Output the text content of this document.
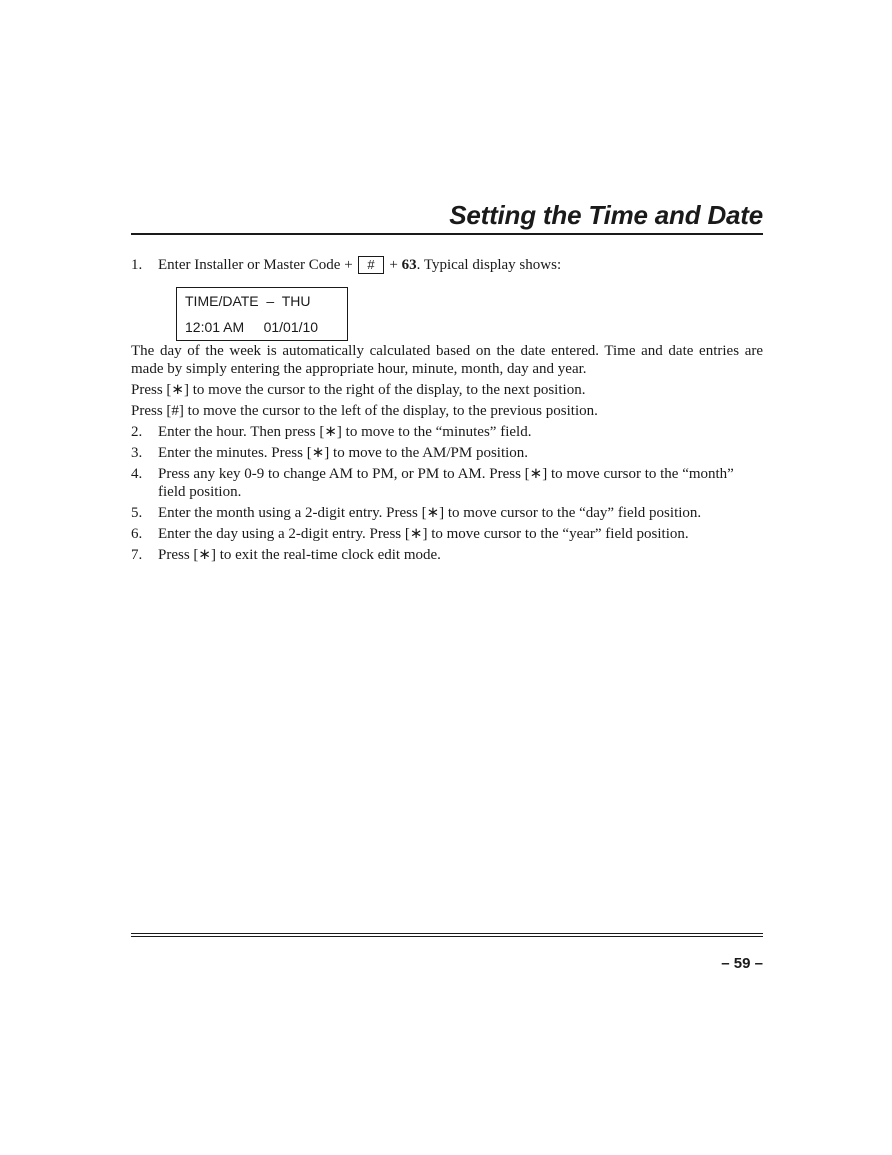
Setting the Time and Date
1.	Enter Installer or Master Code + # + 63. Typical display shows:
TIME/DATE  –  THU
12:01 AM     01/01/10

The day of the week is automatically calculated based on the date entered. Time and date entries are made by simply entering the appropriate hour, minute, month, day and year.

Press [∗] to move the cursor to the right of the display, to the next position.

Press [#] to move the cursor to the left of the display, to the previous position.

2.	Enter the hour. Then press [∗] to move to the “minutes” field.
3.	Enter the minutes. Press [∗] to move to the AM/PM position.
4.	Press any key 0-9 to change AM to PM, or PM to AM. Press [∗] to move cursor to the “month” field position.
5.	Enter the month using a 2-digit entry. Press [∗] to move cursor to the “day” field position.
6.	Enter the day using a 2-digit entry. Press [∗] to move cursor to the “year” field position.
7.	Press [∗] to exit the real-time clock edit mode.
– 59 –
